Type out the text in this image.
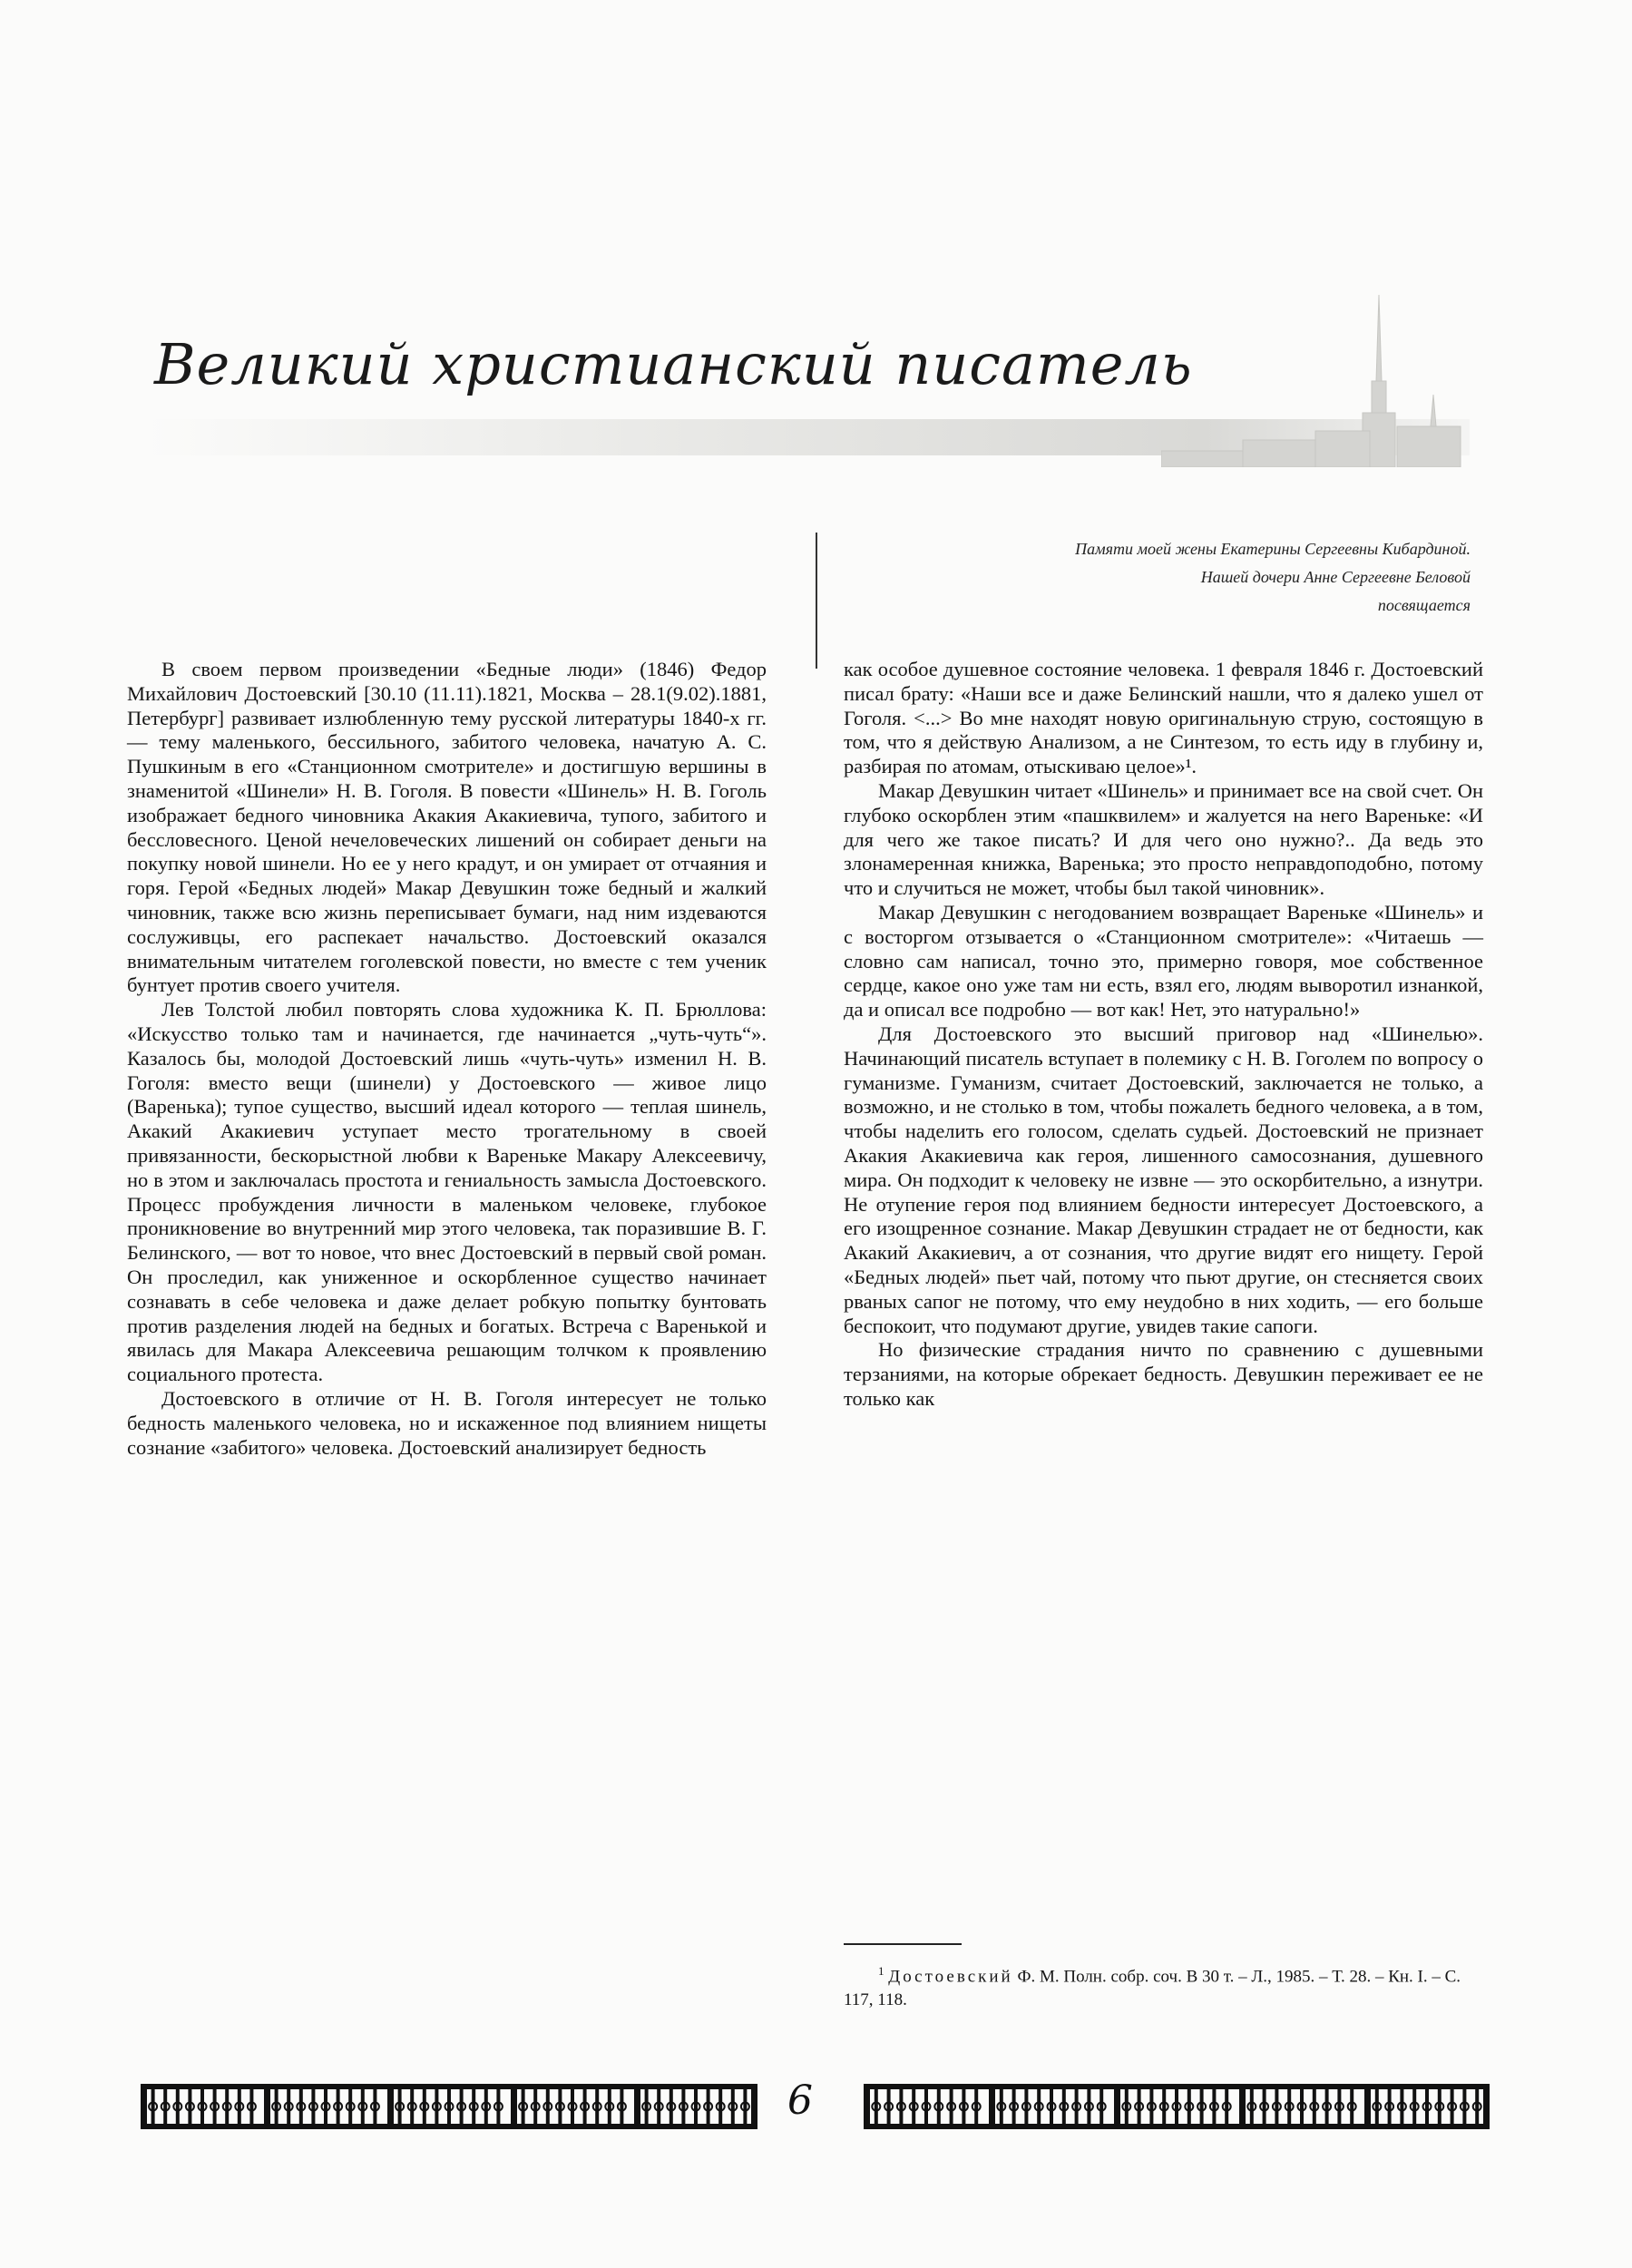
Великий христианский писатель
Памяти моей жены Екатерины Сергеевны Кибардиной.
Нашей дочери Анне Сергеевне Беловой
посвящается

В своем первом произведении «Бедные люди» (1846) Федор Михайлович Достоевский [30.10 (11.11).1821, Москва – 28.1(9.02).1881, Петербург] развивает излюбленную тему русской литературы 1840-х гг. — тему маленького, бессильного, забитого человека, начатую А. С. Пушкиным в его «Станционном смотрителе» и достигшую вершины в знаменитой «Шинели» Н. В. Гоголя. В повести «Шинель» Н. В. Гоголь изображает бедного чиновника Акакия Акакиевича, тупого, забитого и бессловесного. Ценой нечеловеческих лишений он собирает деньги на покупку новой шинели. Но ее у него крадут, и он умирает от отчаяния и горя. Герой «Бедных людей» Макар Девушкин тоже бедный и жалкий чиновник, также всю жизнь переписывает бумаги, над ним издеваются сослуживцы, его распекает начальство. Достоевский оказался внимательным читателем гоголевской повести, но вместе с тем ученик бунтует против своего учителя.

Лев Толстой любил повторять слова художника К. П. Брюллова: «Искусство только там и начинается, где начинается „чуть-чуть“». Казалось бы, молодой Достоевский лишь «чуть-чуть» изменил Н. В. Гоголя: вместо вещи (шинели) у Достоевского — живое лицо (Варенька); тупое существо, высший идеал которого — теплая шинель, Акакий Акакиевич уступает место трогательному в своей привязанности, бескорыстной любви к Вареньке Макару Алексеевичу, но в этом и заключалась простота и гениальность замысла Достоевского. Процесс пробуждения личности в маленьком человеке, глубокое проникновение во внутренний мир этого человека, так поразившие В. Г. Белинского, — вот то новое, что внес Достоевский в первый свой роман. Он проследил, как униженное и оскорбленное существо начинает сознавать в себе человека и даже делает робкую попытку бунтовать против разделения людей на бедных и богатых. Встреча с Варенькой и явилась для Макара Алексеевича решающим толчком к проявлению социального протеста.

Достоевского в отличие от Н. В. Гоголя интересует не только бедность маленького человека, но и искаженное под влиянием нищеты сознание «забитого» человека. Достоевский анализирует бедность

как особое душевное состояние человека. 1 февраля 1846 г. Достоевский писал брату: «Наши все и даже Белинский нашли, что я далеко ушел от Гоголя. <...> Во мне находят новую оригинальную струю, состоящую в том, что я действую Анализом, а не Синтезом, то есть иду в глубину и, разбирая по атомам, отыскиваю целое»¹.

Макар Девушкин читает «Шинель» и принимает все на свой счет. Он глубоко оскорблен этим «пашквилем» и жалуется на него Вареньке: «И для чего же такое писать? И для чего оно нужно?.. Да ведь это злонамеренная книжка, Варенька; это просто неправдоподобно, потому что и случиться не может, чтобы был такой чиновник».

Макар Девушкин с негодованием возвращает Вареньке «Шинель» и с восторгом отзывается о «Станционном смотрителе»: «Читаешь — словно сам написал, точно это, примерно говоря, мое собственное сердце, какое оно уже там ни есть, взял его, людям выворотил изнанкой, да и описал все подробно — вот как! Нет, это натурально!»

Для Достоевского это высший приговор над «Шинелью». Начинающий писатель вступает в полемику с Н. В. Гоголем по вопросу о гуманизме. Гуманизм, считает Достоевский, заключается не только, а возможно, и не столько в том, чтобы пожалеть бедного человека, а в том, чтобы наделить его голосом, сделать судьей. Достоевский не признает Акакия Акакиевича как героя, лишенного самосознания, душевного мира. Он подходит к человеку не извне — это оскорбительно, а изнутри. Не отупение героя под влиянием бедности интересует Достоевского, а его изощренное сознание. Макар Девушкин страдает не от бедности, как Акакий Акакиевич, а от сознания, что другие видят его нищету. Герой «Бедных людей» пьет чай, потому что пьют другие, он стесняется своих рваных сапог не потому, что ему неудобно в них ходить, — его больше беспокоит, что подумают другие, увидев такие сапоги.

Но физические страдания ничто по сравнению с душевными терзаниями, на которые обрекает бедность. Девушкин переживает ее не только как

$^1$ Достоевский Ф. М. Полн. собр. соч. В 30 т. – Л., 1985. – Т. 28. – Кн. I. – С. 117, 118.
6
